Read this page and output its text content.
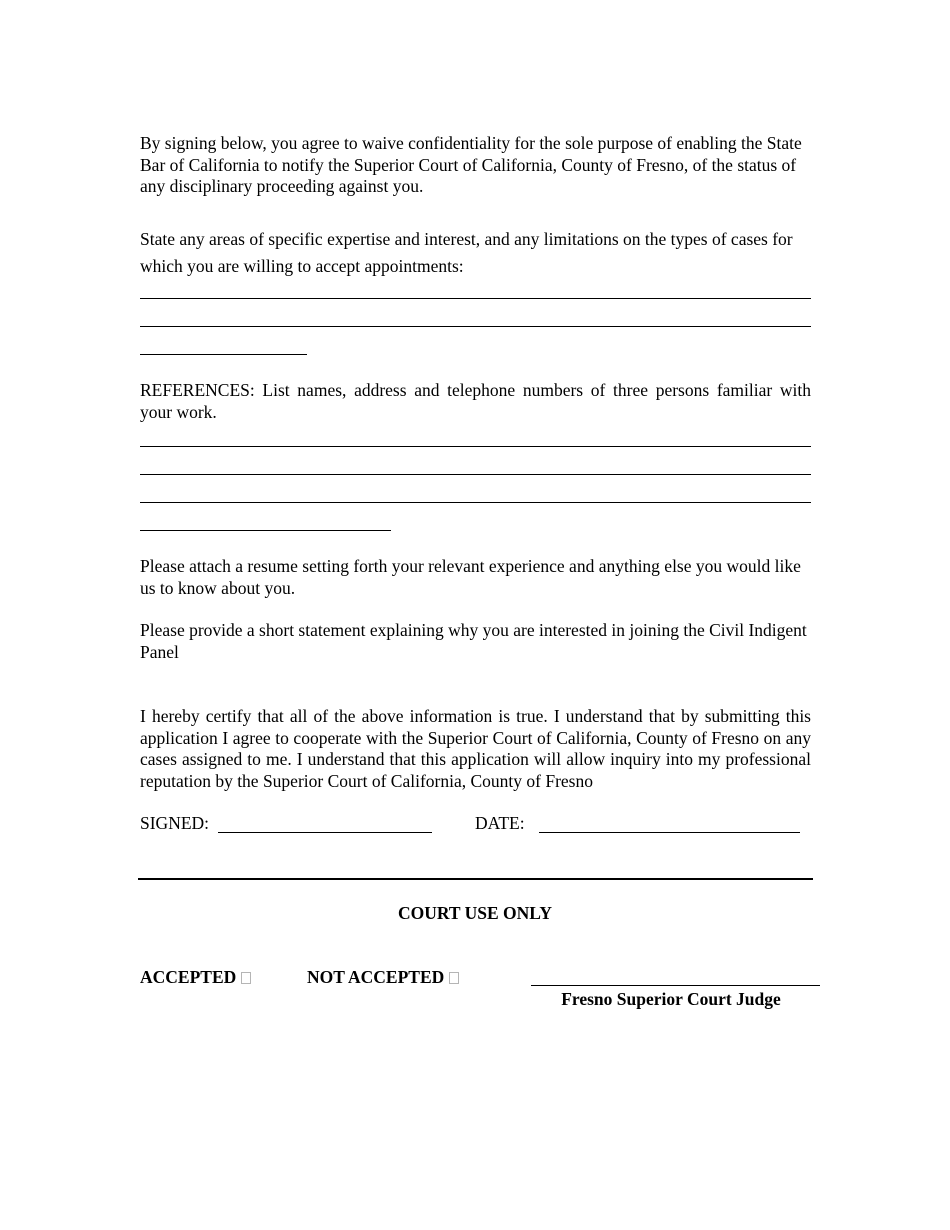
By signing below, you agree to waive confidentiality for the sole purpose of enabling the State Bar of California to notify the Superior Court of California, County of Fresno, of the status of any disciplinary proceeding against you.

State any areas of specific expertise and interest, and any limitations on the types of cases for which you are willing to accept appointments:

REFERENCES: List names, address and telephone numbers of three persons familiar with your work.

Please attach a resume setting forth your relevant experience and anything else you would like us to know about you.

Please provide a short statement explaining why you are interested in joining the Civil Indigent Panel

I hereby certify that all of the above information is true. I understand that by submitting this application I agree to cooperate with the Superior Court of California, County of Fresno on any cases assigned to me. I understand that this application will allow inquiry into my professional reputation by the Superior Court of California, County of Fresno

SIGNED:	DATE:
COURT USE ONLY
ACCEPTED	NOT ACCEPTED
Fresno Superior Court Judge
